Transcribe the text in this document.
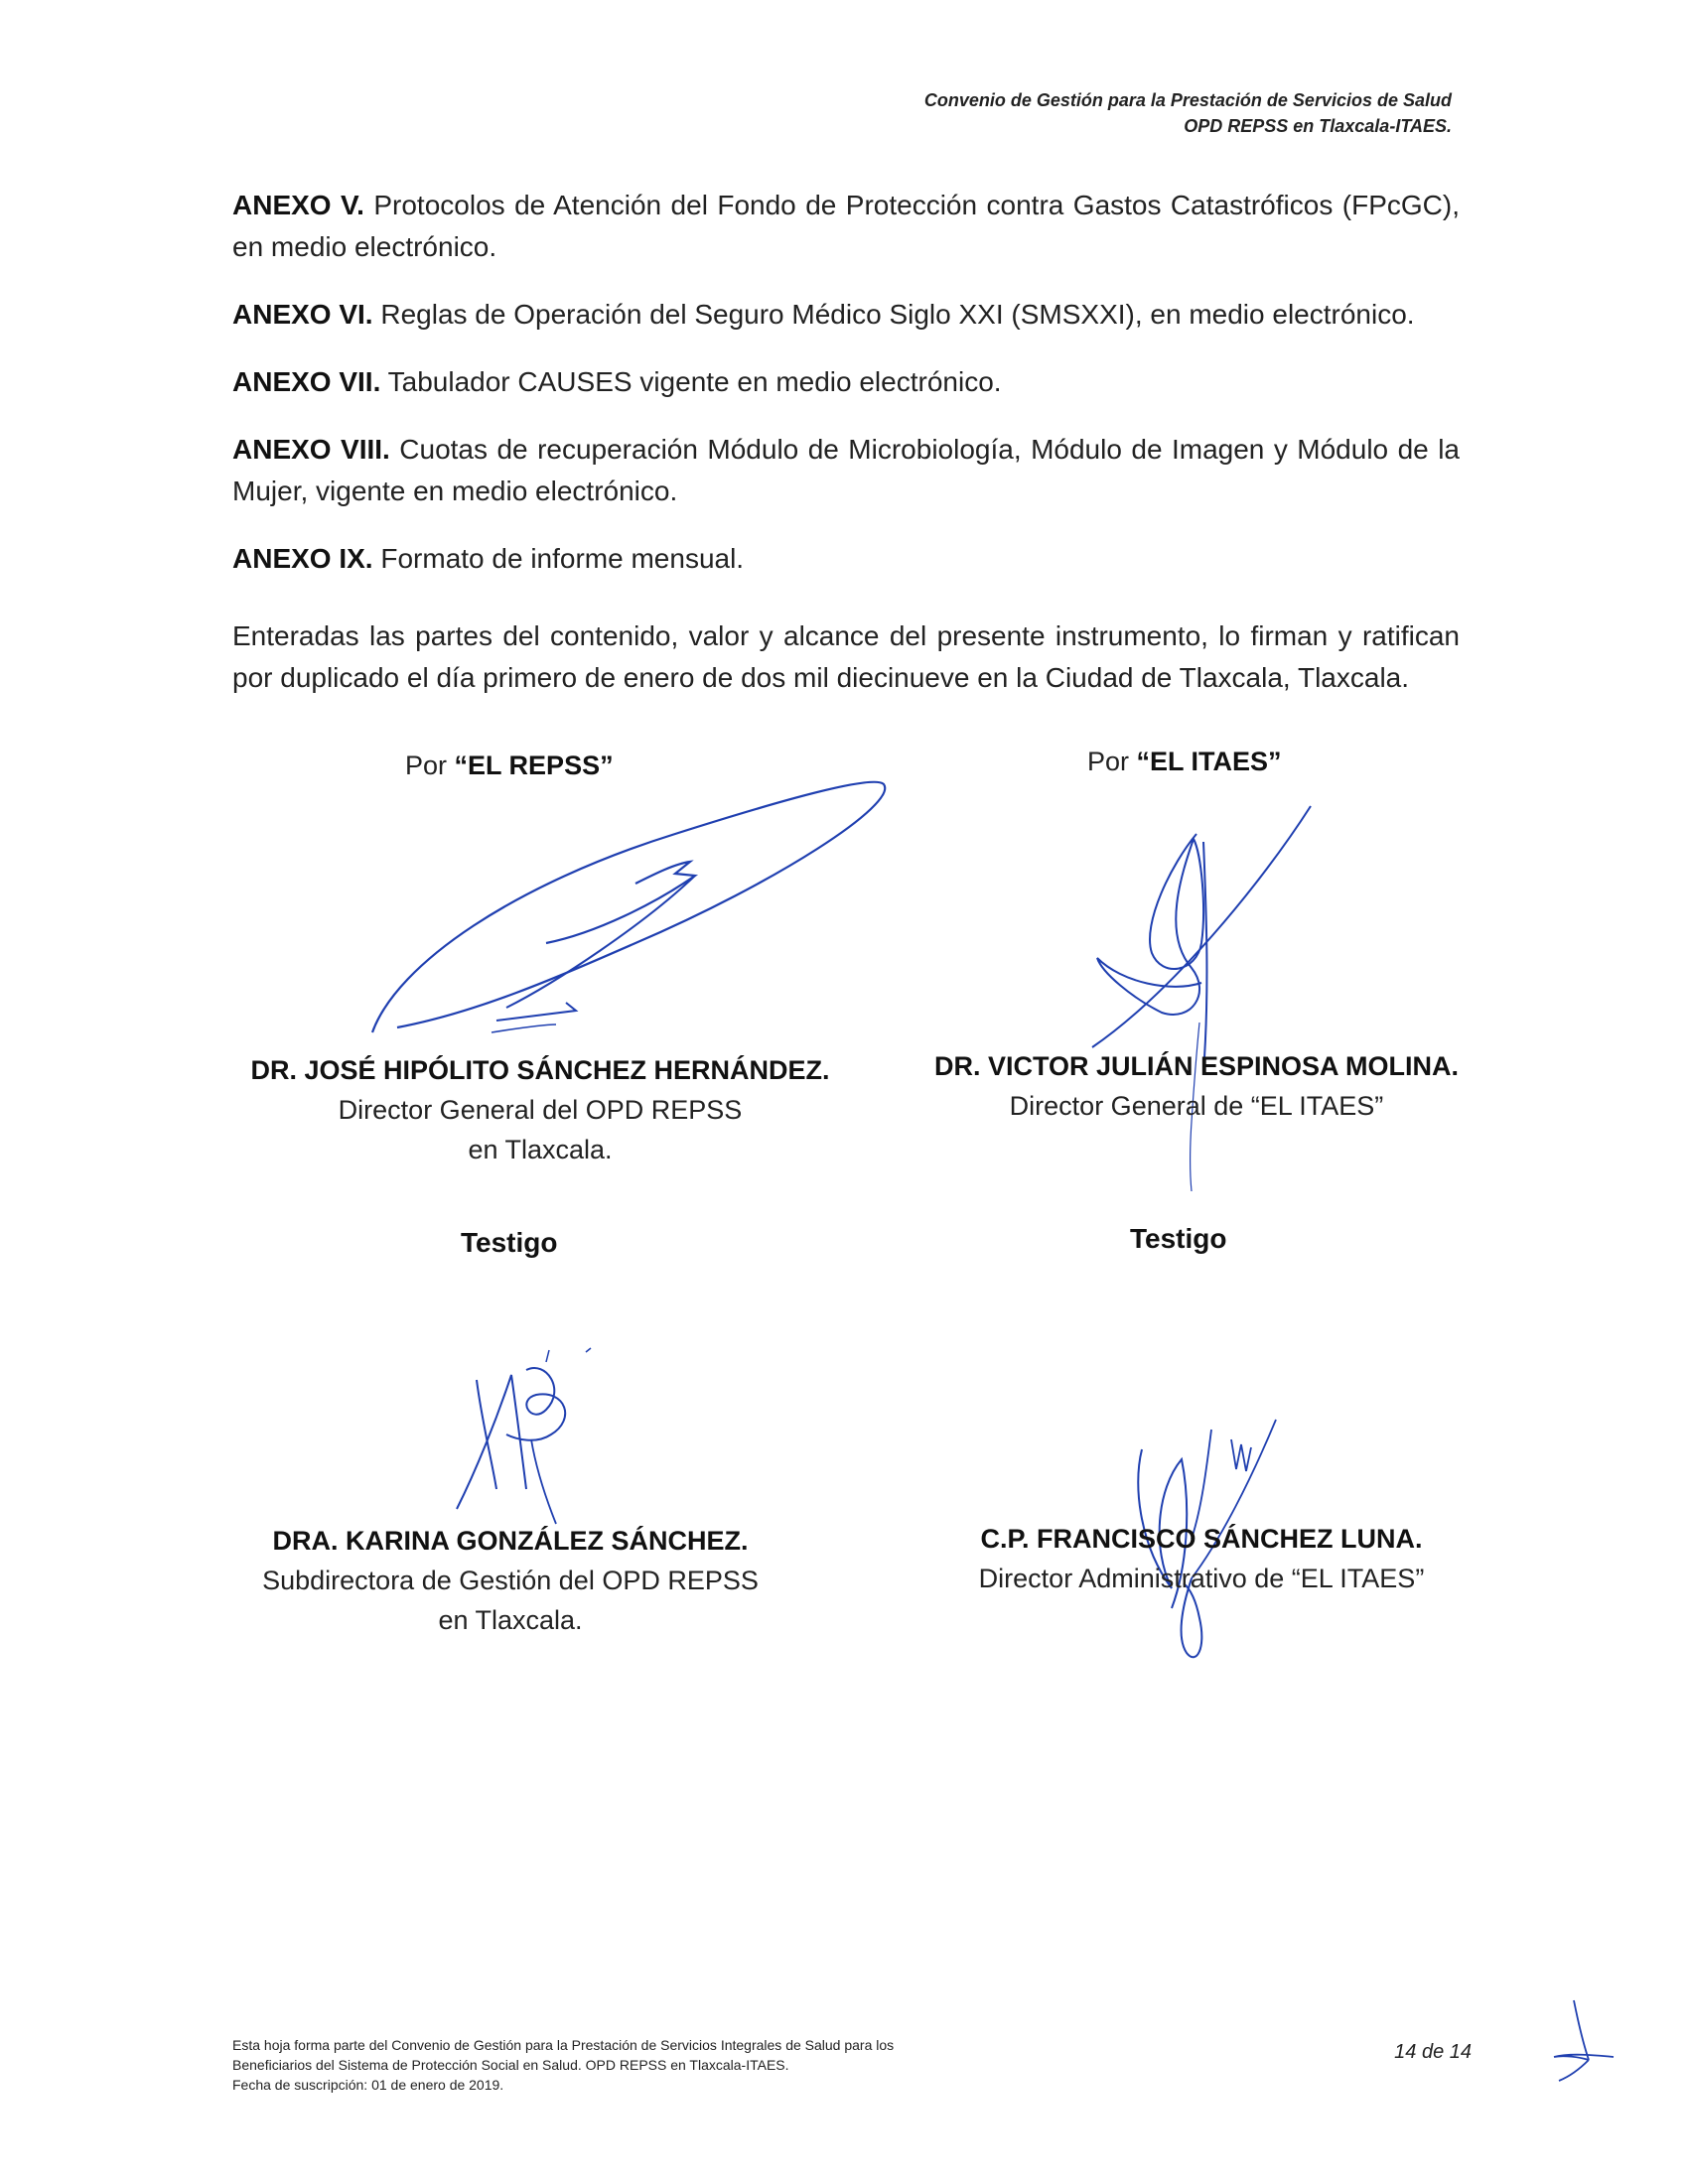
Convenio de Gestión para la Prestación de Servicios de Salud
OPD REPSS en Tlaxcala-ITAES.

ANEXO V. Protocolos de Atención del Fondo de Protección contra Gastos Catastróficos (FPcGC), en medio electrónico.

ANEXO VI. Reglas de Operación del Seguro Médico Siglo XXI (SMSXXI), en medio electrónico.

ANEXO VII. Tabulador CAUSES vigente en medio electrónico.

ANEXO VIII. Cuotas de recuperación Módulo de Microbiología, Módulo de Imagen y Módulo de la Mujer, vigente en medio electrónico.

ANEXO IX. Formato de informe mensual.

Enteradas las partes del contenido, valor y alcance del presente instrumento, lo firman y ratifican por duplicado el día primero de enero de dos mil diecinueve en la Ciudad de Tlaxcala, Tlaxcala.

Por “EL REPSS”	Por “EL ITAES”
DR. JOSÉ HIPÓLITO SÁNCHEZ HERNÁNDEZ.
Director General del OPD REPSS
en Tlaxcala.
DR. VICTOR JULIÁN ESPINOSA MOLINA.
Director General de “EL ITAES”
Testigo	Testigo
DRA. KARINA GONZÁLEZ SÁNCHEZ.
Subdirectora de Gestión del OPD REPSS
en Tlaxcala.
C.P. FRANCISCO SÁNCHEZ LUNA.
Director Administrativo de “EL ITAES”
Esta hoja forma parte del Convenio de Gestión para la Prestación de Servicios Integrales de Salud para los
Beneficiarios del Sistema de Protección Social en Salud. OPD REPSS en Tlaxcala-ITAES.
Fecha de suscripción: 01 de enero de 2019.
14 de 14
